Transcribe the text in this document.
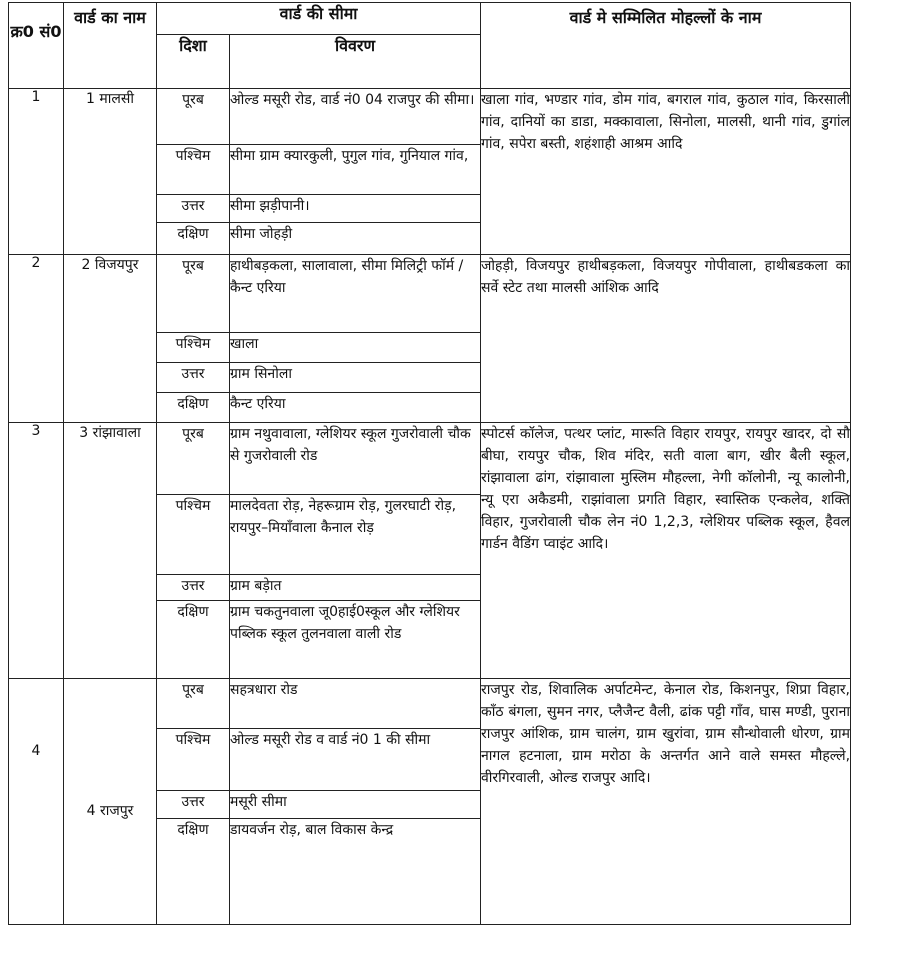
क्र0 सं0	वार्ड का नाम	वार्ड की सीमा		वार्ड मे सम्मिलित मोहल्लों के नाम

		दिशा	विवरण	

1	1 मालसी	पूरब	ओल्ड मसूरी रोड, वार्ड नं0 04 राजपुर की सीमा।	खाला गांव, भण्डार गांव, डोम गांव, बगराल गांव, कुठाल गांव, किरसाली गांव, दानियों का डाडा, मक्कावाला, सिनोला, मालसी, थानी गांव, डुगांल गांव, सपेरा बस्ती, शहंशाही आश्रम आदि
		पश्चिम	सीमा ग्राम क्यारकुली, पुगुल गांव, गुनियाल गांव,	
		उत्तर	सीमा झड़ीपानी।	
		दक्षिण	सीमा जोहड़ी	
2	2 विजयपुर	पूरब	हाथीबड़कला, सालावाला, सीमा मिलिट्री फॉर्म / कैन्ट एरिया	जोहड़ी, विजयपुर हाथीबड़कला, विजयपुर गोपीवाला, हाथीबडकला का सर्वे स्टेट तथा मालसी आंशिक आदि
		पश्चिम	खाला	
		उत्तर	ग्राम सिनोला	
		दक्षिण	कैन्ट एरिया	
3	3 रांझावाला	पूरब	ग्राम नथुवावाला, ग्लेशियर स्कूल गुजरोवाली चौक से गुजरोवाली रोड	स्पोटर्स कॉलेज, पत्थर प्लांट, मारूति विहार रायपुर, रायपुर खादर, दो सौ बीघा, रायपुर चौक, शिव मंदिर, सती वाला बाग, खीर बैली स्कूल, रांझावाला ढांग, रांझावाला मुस्लिम मौहल्ला, नेगी कॉलोनी, न्यू कालोनी, न्यू एरा अकैडमी, राझांवाला प्रगति विहार, स्वास्तिक एन्कलेव, शक्ति विहार, गुजरोवाली चौक लेन नं0 1,2,3, ग्लेशियर पब्लिक स्कूल, हैवल गार्डन वैडिंग प्वाइंट आदि।
		पश्चिम	मालदेवता रोड़, नेहरूग्राम रोड़, गुलरघाटी रोड़, रायपुर–मियाँवाला कैनाल रोड़	
		उत्तर	ग्राम बड़ेात	
		दक्षिण	ग्राम चकतुनवाला जू0हाई0स्कूल और ग्लेशियर पब्लिक स्कूल तुलनवाला वाली रोड	
4	4 राजपुर	पूरब	सहत्रधारा रोड	राजपुर रोड, शिवालिक अर्पाटमेन्ट, केनाल रोड, किशनपुर, शिप्रा विहार, काँठ बंगला, सुमन नगर, प्लैजैन्ट वैली, ढांक पट्टी गाँव, घास मण्डी, पुराना राजपुर आंशिक, ग्राम चालंग, ग्राम खुरांवा, ग्राम सौन्धोवाली धोरण, ग्राम नागल हटनाला, ग्राम मरोठा के अन्तर्गत आने वाले समस्त मौहल्ले, वीरगिरवाली, ओल्ड राजपुर आदि।
		पश्चिम	ओल्ड मसूरी रोड व वार्ड नं0 1 की सीमा	
		उत्तर	मसूरी सीमा	
		दक्षिण	डायवर्जन रोड़, बाल विकास केन्द्र	
